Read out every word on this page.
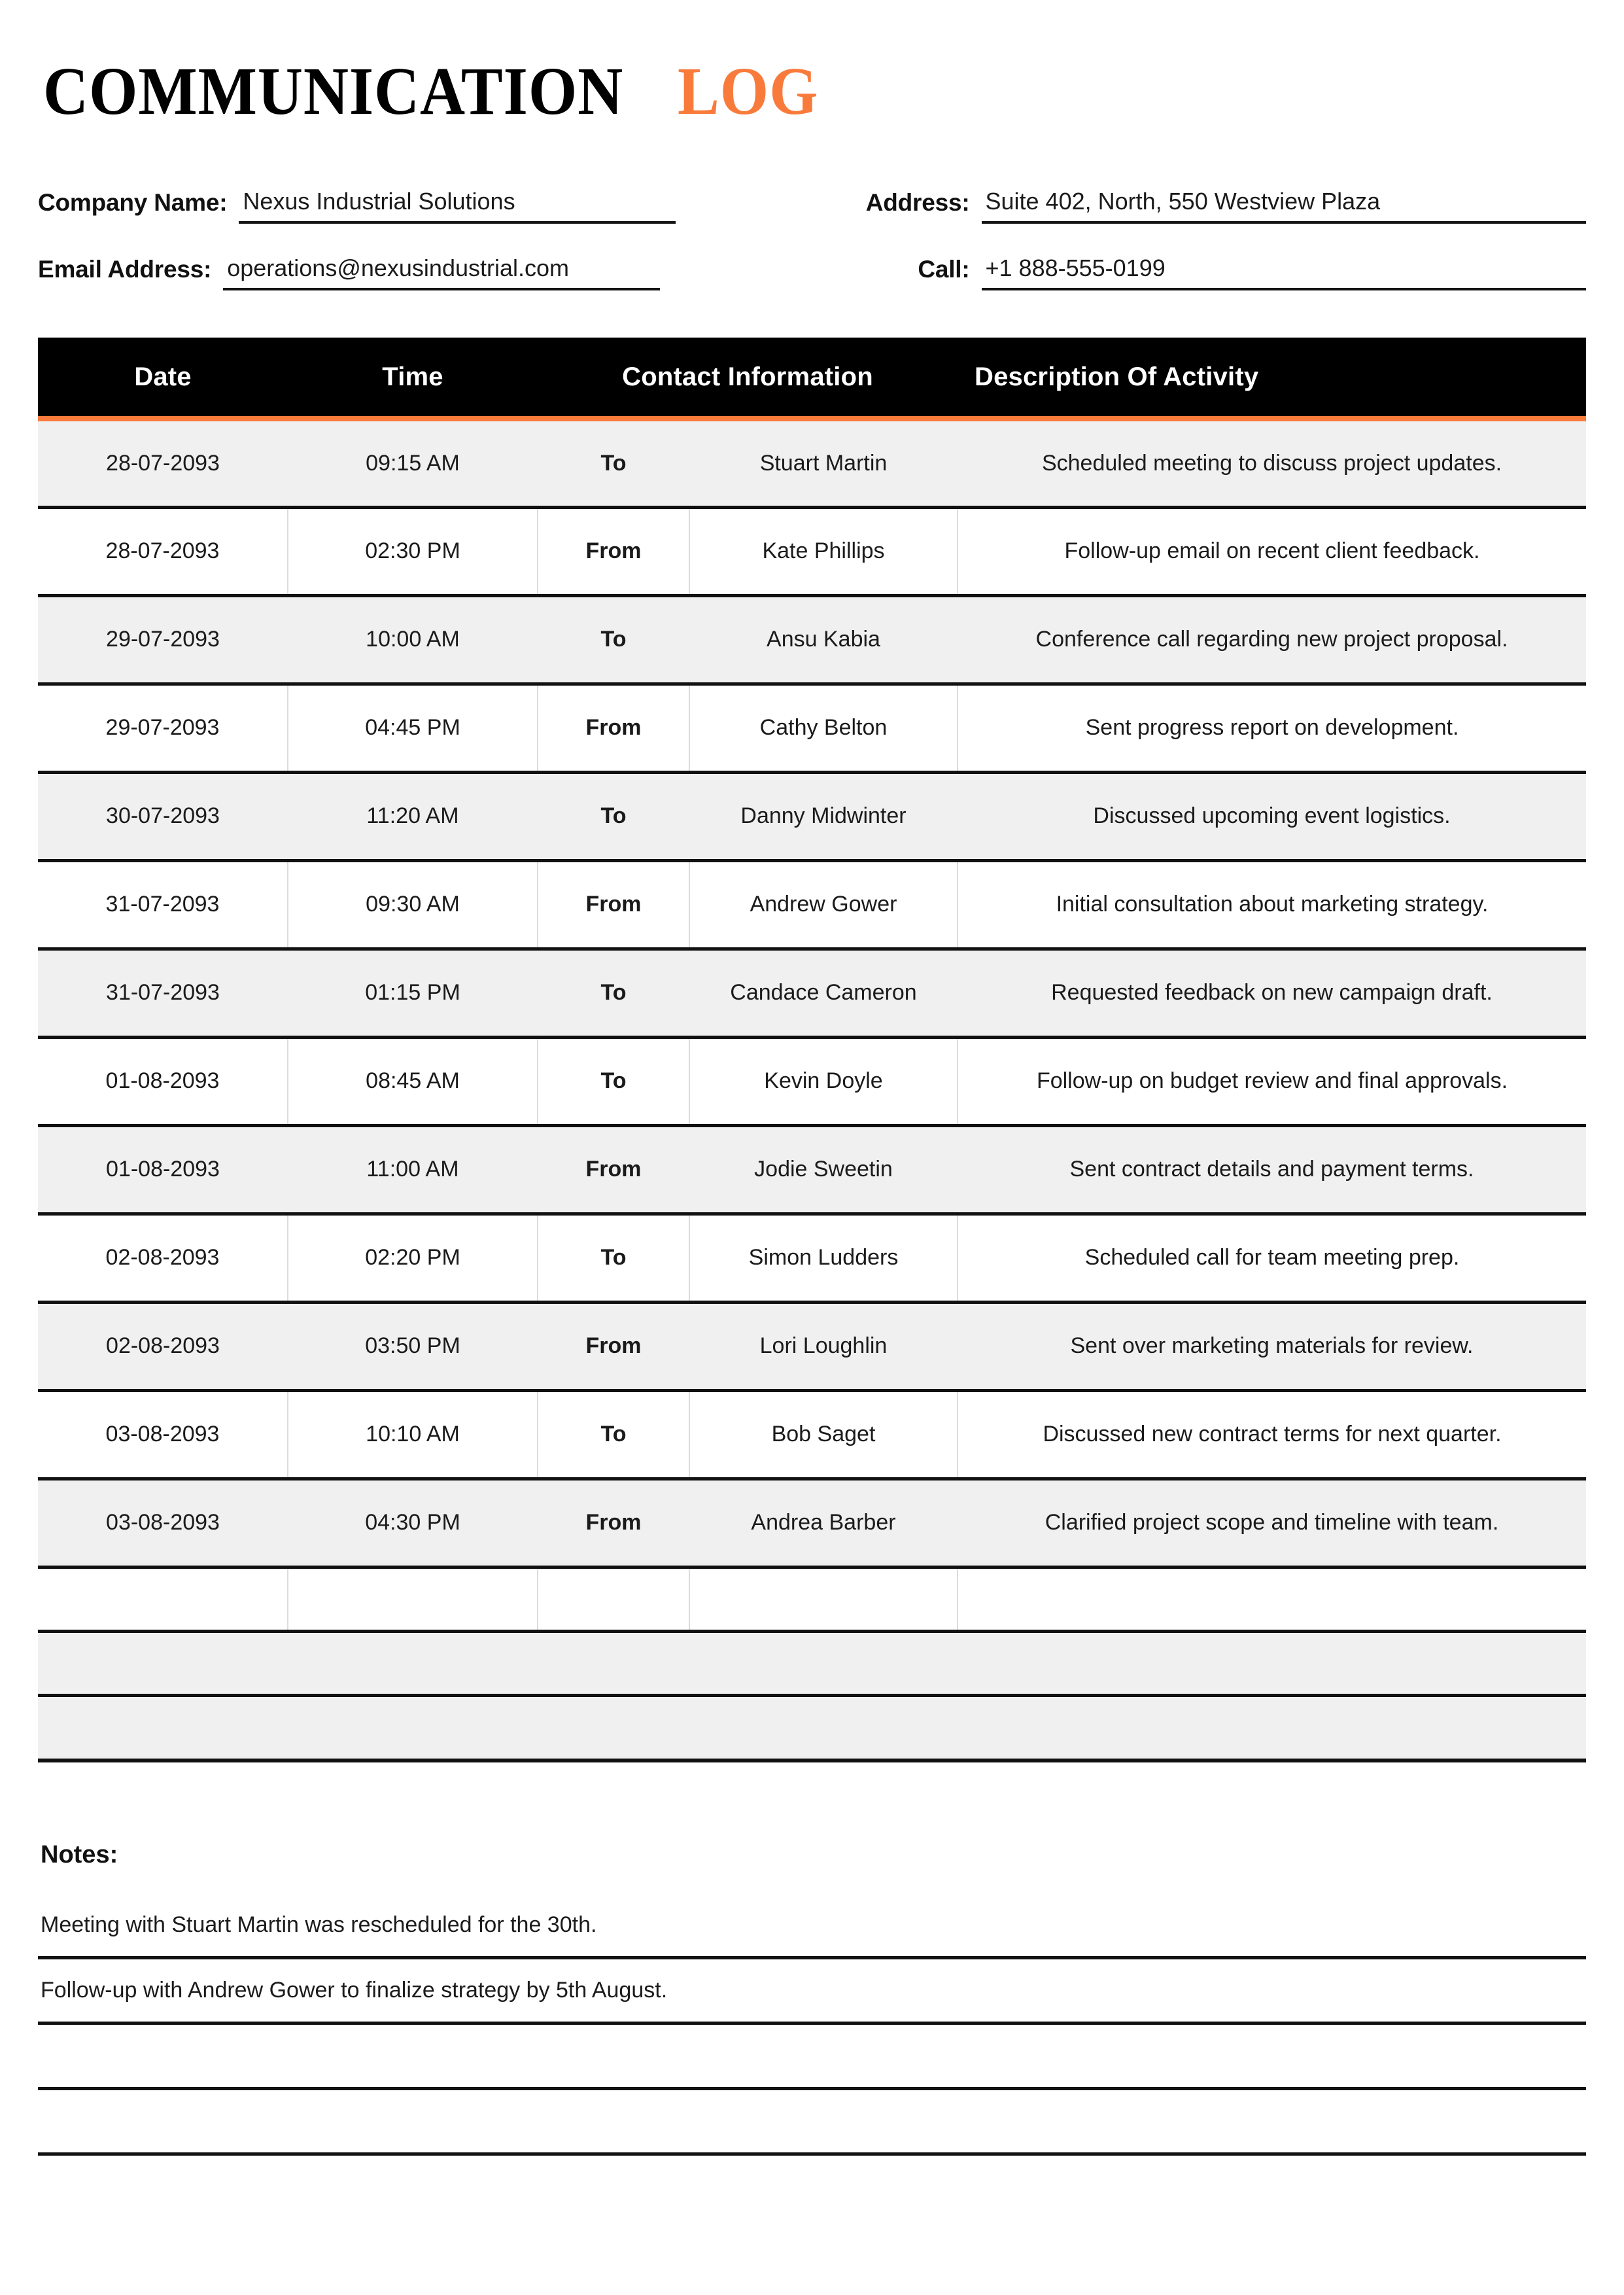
COMMUNICATION LOG
Company Name: Nexus Industrial Solutions	Address: Suite 402, North, 550 Westview Plaza
Email Address: operations@nexusindustrial.com	Call: +1 888-555-0199
Date	Time	Contact Information		Description Of Activity
28-07-2093	09:15 AM	To	Stuart Martin	Scheduled meeting to discuss project updates.
28-07-2093	02:30 PM	From	Kate Phillips	Follow-up email on recent client feedback.
29-07-2093	10:00 AM	To	Ansu Kabia	Conference call regarding new project proposal.
29-07-2093	04:45 PM	From	Cathy Belton	Sent progress report on development.
30-07-2093	11:20 AM	To	Danny Midwinter	Discussed upcoming event logistics.
31-07-2093	09:30 AM	From	Andrew Gower	Initial consultation about marketing strategy.
31-07-2093	01:15 PM	To	Candace Cameron	Requested feedback on new campaign draft.
01-08-2093	08:45 AM	To	Kevin Doyle	Follow-up on budget review and final approvals.
01-08-2093	11:00 AM	From	Jodie Sweetin	Sent contract details and payment terms.
02-08-2093	02:20 PM	To	Simon Ludders	Scheduled call for team meeting prep.
02-08-2093	03:50 PM	From	Lori Loughlin	Sent over marketing materials for review.
03-08-2093	10:10 AM	To	Bob Saget	Discussed new contract terms for next quarter.
03-08-2093	04:30 PM	From	Andrea Barber	Clarified project scope and timeline with team.

Notes:
Meeting with Stuart Martin was rescheduled for the 30th.
Follow-up with Andrew Gower to finalize strategy by 5th August.
